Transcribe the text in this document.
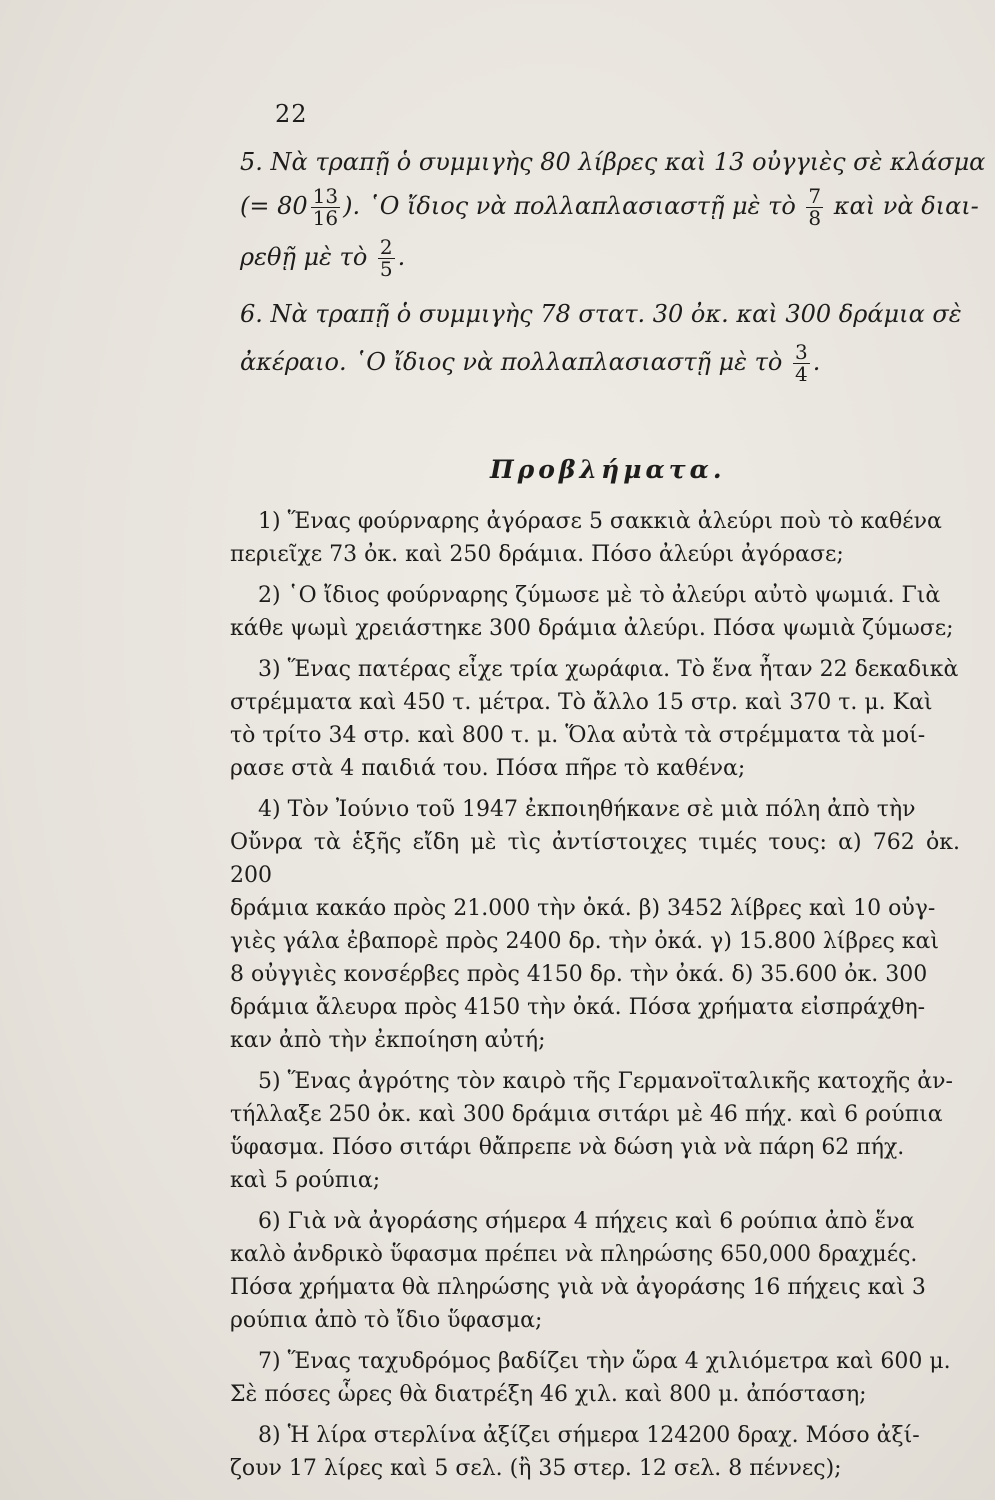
22
5. Νὰ τραπῇ ὁ συμμιγὴς 80 λίβρες καὶ 13 οὐγγιὲς σὲ κλάσμα
(= $80 \frac{13}{16}$ ). ῾Ο ἴδιος νὰ πολλαπλασιαστῇ μὲ τὸ $\frac{7}{8}$ καὶ νὰ διαι-
ρεθῇ μὲ τὸ $\frac{2}{5}$ .
6. Νὰ τραπῇ ὁ συμμιγὴς 78 στατ. 30 ὀκ. καὶ 300 δράμια σὲ
ἀκέραιο. ῾Ο ἴδιος νὰ πολλαπλασιαστῇ μὲ τὸ $\frac{3}{4}$ .
Προβλήματα.

1) Ἕνας φούρναρης ἀγόρασε 5 σακκιὰ ἀλεύρι ποὺ τὸ καθένα

περιεῖχε 73 ὀκ. καὶ 250 δράμια. Πόσο ἀλεύρι ἀγόρασε;

2) ῾Ο ἴδιος φούρναρης ζύμωσε μὲ τὸ ἀλεύρι αὐτὸ ψωμιά. Γιὰ

κάθε ψωμὶ χρειάστηκε 300 δράμια ἀλεύρι. Πόσα ψωμιὰ ζύμωσε;

3) Ἕνας πατέρας εἶχε τρία χωράφια. Τὸ ἕνα ἦταν 22 δεκαδικὰ

στρέμματα καὶ 450 τ. μέτρα. Τὸ ἄλλο 15 στρ. καὶ 370 τ. μ. Καὶ

τὸ τρίτο 34 στρ. καὶ 800 τ. μ. Ὅλα αὐτὰ τὰ στρέμματα τὰ μοί-

ρασε στὰ 4 παιδιά του. Πόσα πῆρε τὸ καθένα;

4) Τὸν Ἰούνιο τοῦ 1947 ἐκποιηθήκανε σὲ μιὰ πόλη ἀπὸ τὴν

Οὔνρα τὰ ἑξῆς εἴδη μὲ τὶς ἀντίστοιχες τιμές τους: α) 762 ὀκ. 200

δράμια κακάο πρὸς 21.000 τὴν ὀκά. β) 3452 λίβρες καὶ 10 οὐγ-

γιὲς γάλα ἐβαπορὲ πρὸς 2400 δρ. τὴν ὀκά. γ) 15.800 λίβρες καὶ

8 οὐγγιὲς κονσέρβες πρὸς 4150 δρ. τὴν ὀκά. δ) 35.600 ὀκ. 300

δράμια ἄλευρα πρὸς 4150 τὴν ὀκά. Πόσα χρήματα εἰσπράχθη-

καν ἀπὸ τὴν ἐκποίηση αὐτή;

5) Ἕνας ἀγρότης τὸν καιρὸ τῆς Γερμανοϊταλικῆς κατοχῆς ἀν-

τήλλαξε 250 ὀκ. καὶ 300 δράμια σιτάρι μὲ 46 πήχ. καὶ 6 ρούπια

ὕφασμα. Πόσο σιτάρι θἄπρεπε νὰ δώση γιὰ νὰ πάρη 62 πήχ.

καὶ 5 ρούπια;

6) Γιὰ νὰ ἀγοράσης σήμερα 4 πήχεις καὶ 6 ρούπια ἀπὸ ἕνα

καλὸ ἀνδρικὸ ὕφασμα πρέπει νὰ πληρώσης 650,000 δραχμές.

Πόσα χρήματα θὰ πληρώσης γιὰ νὰ ἀγοράσης 16 πήχεις καὶ 3

ρούπια ἀπὸ τὸ ἴδιο ὕφασμα;

7) Ἕνας ταχυδρόμος βαδίζει τὴν ὥρα 4 χιλιόμετρα καὶ 600 μ.

Σὲ πόσες ὧρες θὰ διατρέξη 46 χιλ. καὶ 800 μ. ἀπόσταση;

8) Ἡ λίρα στερλίνα ἀξίζει σήμερα 124200 δραχ. Μόσο ἀξί-

ζουν 17 λίρες καὶ 5 σελ. (ἢ 35 στερ. 12 σελ. 8 πέννες);
